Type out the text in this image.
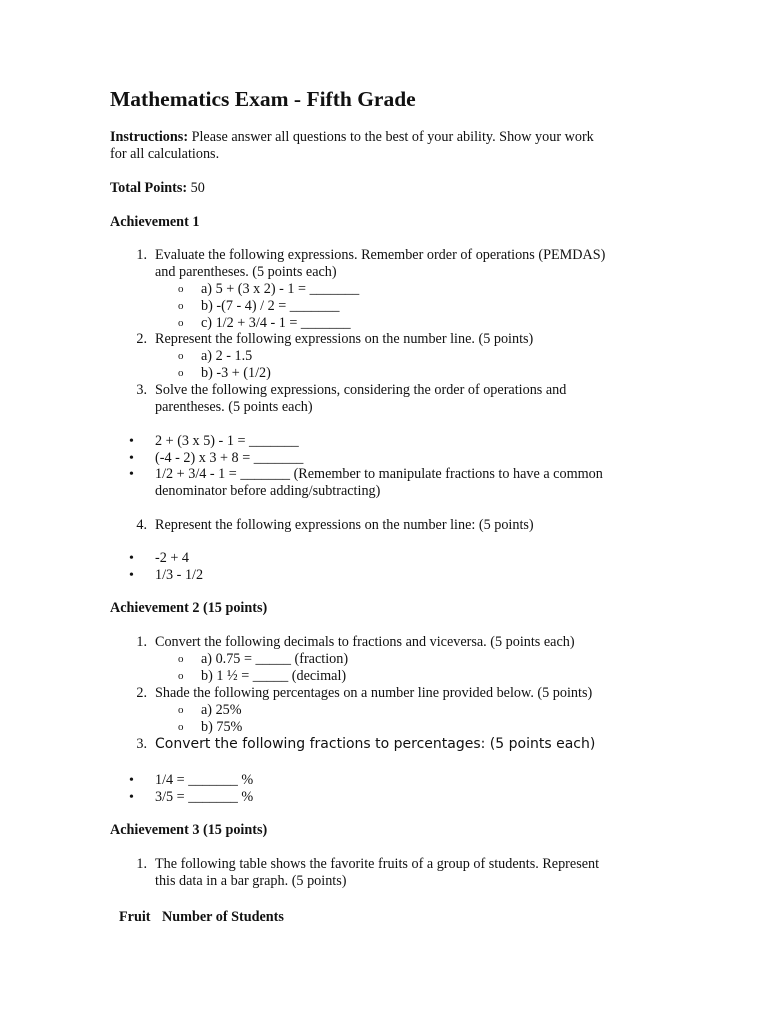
Mathematics Exam - Fifth Grade
Instructions: Please answer all questions to the best of your ability. Show your work
for all calculations.
Total Points: 50
Achievement 1
1. Evaluate the following expressions. Remember order of operations (PEMDAS)
and parentheses. (5 points each)
o a) 5 + (3 x 2) - 1 = _______
o b) -(7 - 4) / 2 = _______
o c) 1/2 + 3/4 - 1 = _______
2. Represent the following expressions on the number line. (5 points)
o a) 2 - 1.5
o b) -3 + (1/2)
3. Solve the following expressions, considering the order of operations and
parentheses. (5 points each)
• 2 + (3 x 5) - 1 = _______
• (-4 - 2) x 3 + 8 = _______
• 1/2 + 3/4 - 1 = _______ (Remember to manipulate fractions to have a common
denominator before adding/subtracting)
4. Represent the following expressions on the number line: (5 points)
• -2 + 4
• 1/3 - 1/2
Achievement 2 (15 points)
1. Convert the following decimals to fractions and viceversa. (5 points each)
o a) 0.75 = _____ (fraction)
o b) 1 ½ = _____ (decimal)
2. Shade the following percentages on a number line provided below. (5 points)
o a) 25%
o b) 75%
3. Convert the following fractions to percentages: (5 points each)
• 1/4 = _______ %
• 3/5 = _______ %
Achievement 3 (15 points)
1. The following table shows the favorite fruits of a group of students. Represent
this data in a bar graph. (5 points)
Fruit Number of Students
